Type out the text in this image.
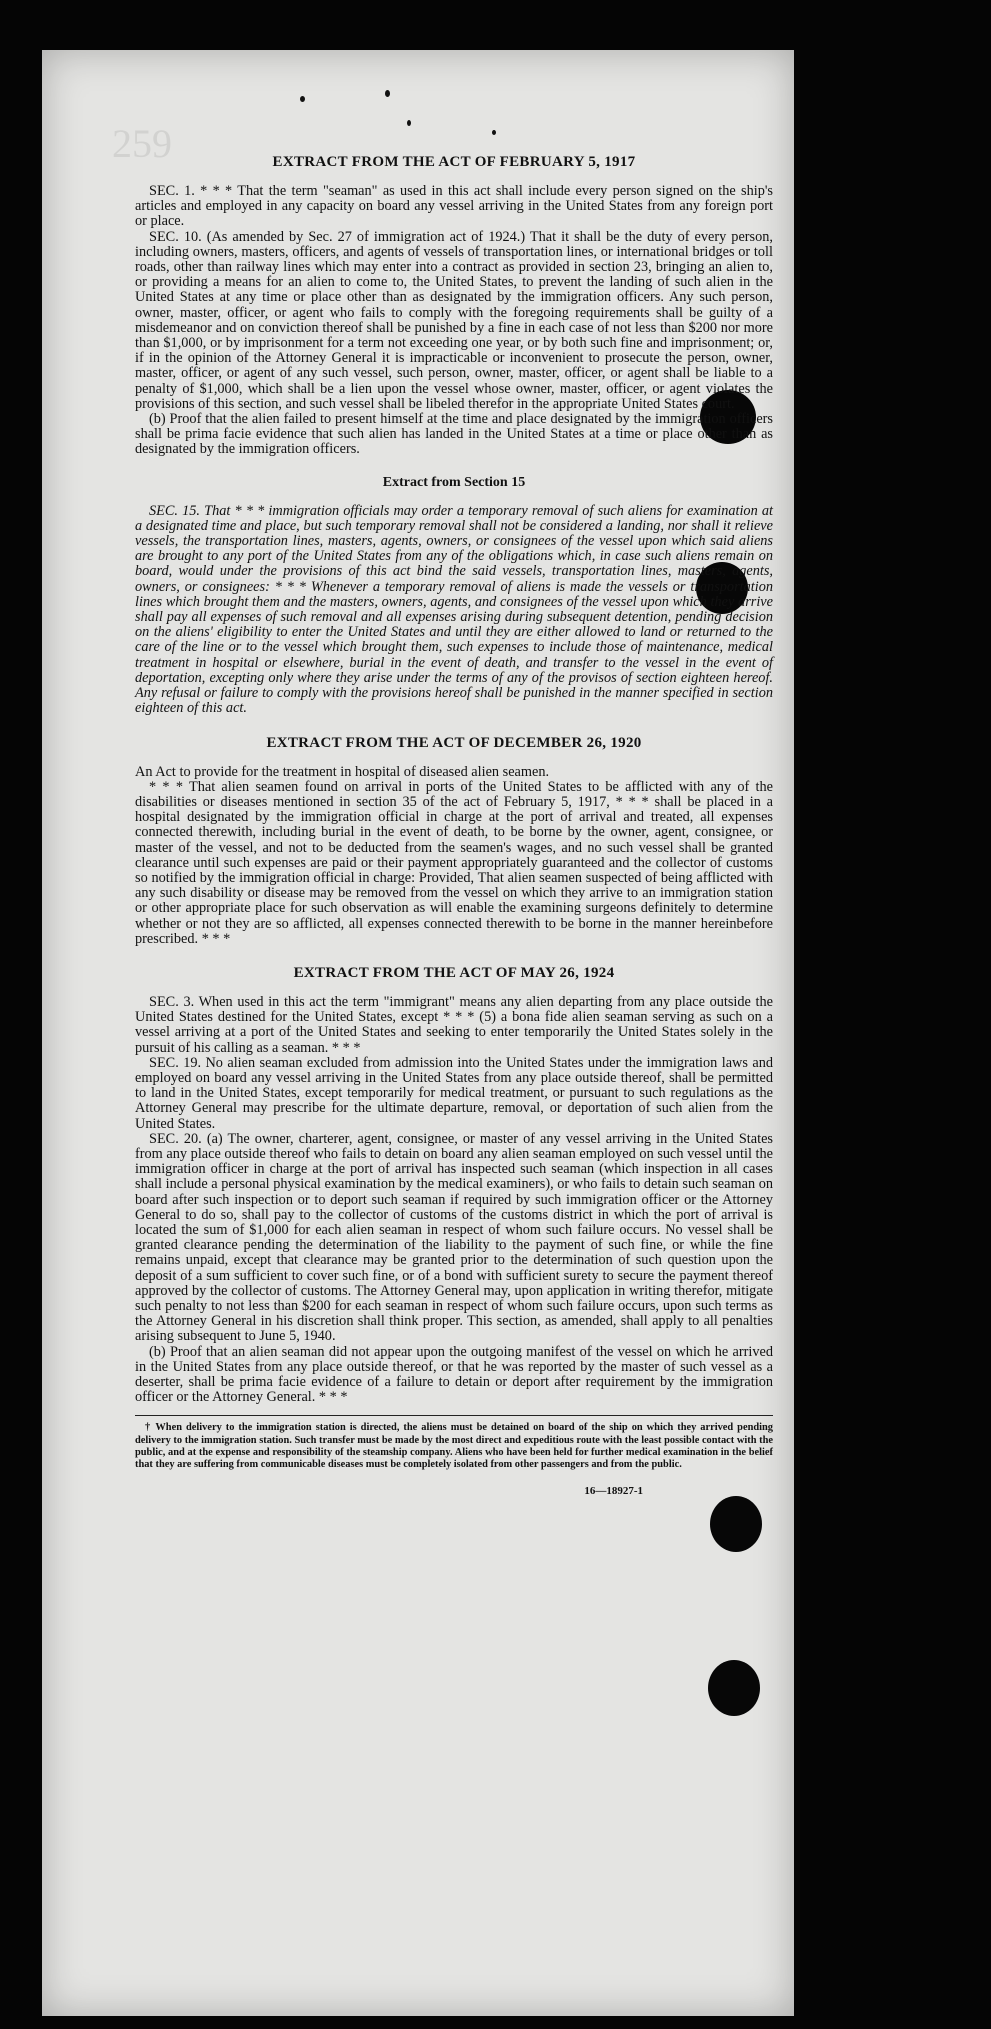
259	EXTRACT FROM THE ACT OF FEBRUARY 5, 1917

SEC. 1. * * * That the term "seaman" as used in this act shall include every person signed on the ship's articles and employed in any capacity on board any vessel arriving in the United States from any foreign port or place.

SEC. 10. (As amended by Sec. 27 of immigration act of 1924.) That it shall be the duty of every person, including owners, masters, officers, and agents of vessels of transportation lines, or international bridges or toll roads, other than railway lines which may enter into a contract as provided in section 23, bringing an alien to, or providing a means for an alien to come to, the United States, to prevent the landing of such alien in the United States at any time or place other than as designated by the immigration officers. Any such person, owner, master, officer, or agent who fails to comply with the foregoing requirements shall be guilty of a misdemeanor and on conviction thereof shall be punished by a fine in each case of not less than $200 nor more than $1,000, or by imprisonment for a term not exceeding one year, or by both such fine and imprisonment; or, if in the opinion of the Attorney General it is impracticable or inconvenient to prosecute the person, owner, master, officer, or agent of any such vessel, such person, owner, master, officer, or agent shall be liable to a penalty of $1,000, which shall be a lien upon the vessel whose owner, master, officer, or agent violates the provisions of this section, and such vessel shall be libeled therefor in the appropriate United States court.

(b) Proof that the alien failed to present himself at the time and place designated by the immigration officers shall be prima facie evidence that such alien has landed in the United States at a time or place other than as designated by the immigration officers.

Extract from Section 15

SEC. 15. That * * * immigration officials may order a temporary removal of such aliens for examination at a designated time and place, but such temporary removal shall not be considered a landing, nor shall it relieve vessels, the transportation lines, masters, agents, owners, or consignees of the vessel upon which said aliens are brought to any port of the United States from any of the obligations which, in case such aliens remain on board, would under the provisions of this act bind the said vessels, transportation lines, masters, agents, owners, or consignees: * * * Whenever a temporary removal of aliens is made the vessels or transportation lines which brought them and the masters, owners, agents, and consignees of the vessel upon which they arrive shall pay all expenses of such removal and all expenses arising during subsequent detention, pending decision on the aliens' eligibility to enter the United States and until they are either allowed to land or returned to the care of the line or to the vessel which brought them, such expenses to include those of maintenance, medical treatment in hospital or elsewhere, burial in the event of death, and transfer to the vessel in the event of deportation, excepting only where they arise under the terms of any of the provisos of section eighteen hereof. Any refusal or failure to comply with the provisions hereof shall be punished in the manner specified in section eighteen of this act.

EXTRACT FROM THE ACT OF DECEMBER 26, 1920

An Act to provide for the treatment in hospital of diseased alien seamen.

* * * That alien seamen found on arrival in ports of the United States to be afflicted with any of the disabilities or diseases mentioned in section 35 of the act of February 5, 1917, * * * shall be placed in a hospital designated by the immigration official in charge at the port of arrival and treated, all expenses connected therewith, including burial in the event of death, to be borne by the owner, agent, consignee, or master of the vessel, and not to be deducted from the seamen's wages, and no such vessel shall be granted clearance until such expenses are paid or their payment appropriately guaranteed and the collector of customs so notified by the immigration official in charge: Provided, That alien seamen suspected of being afflicted with any such disability or disease may be removed from the vessel on which they arrive to an immigration station or other appropriate place for such observation as will enable the examining surgeons definitely to determine whether or not they are so afflicted, all expenses connected therewith to be borne in the manner hereinbefore prescribed. * * *

EXTRACT FROM THE ACT OF MAY 26, 1924

SEC. 3. When used in this act the term "immigrant" means any alien departing from any place outside the United States destined for the United States, except * * * (5) a bona fide alien seaman serving as such on a vessel arriving at a port of the United States and seeking to enter temporarily the United States solely in the pursuit of his calling as a seaman. * * *

SEC. 19. No alien seaman excluded from admission into the United States under the immigration laws and employed on board any vessel arriving in the United States from any place outside thereof, shall be permitted to land in the United States, except temporarily for medical treatment, or pursuant to such regulations as the Attorney General may prescribe for the ultimate departure, removal, or deportation of such alien from the United States.

SEC. 20. (a) The owner, charterer, agent, consignee, or master of any vessel arriving in the United States from any place outside thereof who fails to detain on board any alien seaman employed on such vessel until the immigration officer in charge at the port of arrival has inspected such seaman (which inspection in all cases shall include a personal physical examination by the medical examiners), or who fails to detain such seaman on board after such inspection or to deport such seaman if required by such immigration officer or the Attorney General to do so, shall pay to the collector of customs of the customs district in which the port of arrival is located the sum of $1,000 for each alien seaman in respect of whom such failure occurs. No vessel shall be granted clearance pending the determination of the liability to the payment of such fine, or while the fine remains unpaid, except that clearance may be granted prior to the determination of such question upon the deposit of a sum sufficient to cover such fine, or of a bond with sufficient surety to secure the payment thereof approved by the collector of customs. The Attorney General may, upon application in writing therefor, mitigate such penalty to not less than $200 for each seaman in respect of whom such failure occurs, upon such terms as the Attorney General in his discretion shall think proper. This section, as amended, shall apply to all penalties arising subsequent to June 5, 1940.

(b) Proof that an alien seaman did not appear upon the outgoing manifest of the vessel on which he arrived in the United States from any place outside thereof, or that he was reported by the master of such vessel as a deserter, shall be prima facie evidence of a failure to detain or deport after requirement by the immigration officer or the Attorney General. * * *

† When delivery to the immigration station is directed, the aliens must be detained on board of the ship on which they arrived pending delivery to the immigration station. Such transfer must be made by the most direct and expeditious route with the least possible contact with the public, and at the expense and responsibility of the steamship company. Aliens who have been held for further medical examination in the belief that they are suffering from communicable diseases must be completely isolated from other passengers and from the public.

16—18927-1
